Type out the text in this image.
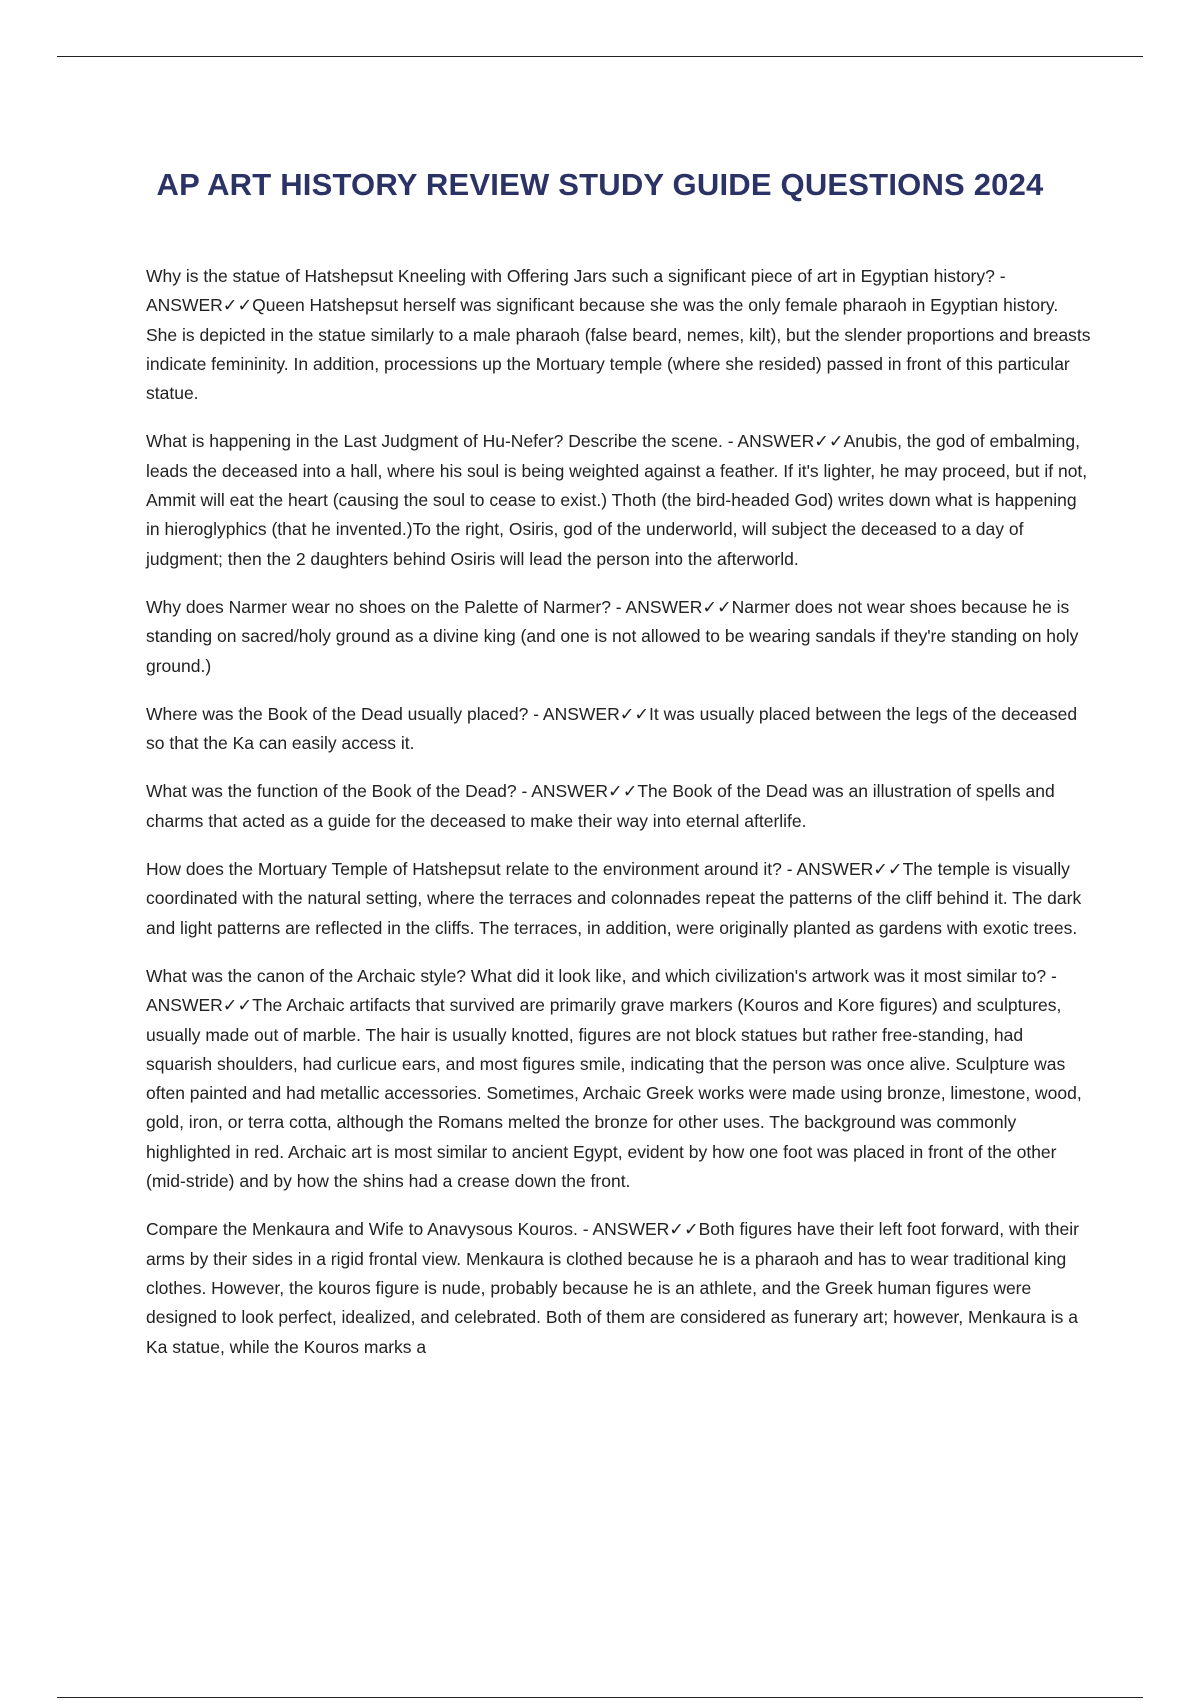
AP ART HISTORY REVIEW STUDY GUIDE QUESTIONS 2024

Why is the statue of Hatshepsut Kneeling with Offering Jars such a significant piece of art in Egyptian history? - ANSWER✓✓Queen Hatshepsut herself was significant because she was the only female pharaoh in Egyptian history. She is depicted in the statue similarly to a male pharaoh (false beard, nemes, kilt), but the slender proportions and breasts indicate femininity. In addition, processions up the Mortuary temple (where she resided) passed in front of this particular statue.

What is happening in the Last Judgment of Hu-Nefer? Describe the scene. - ANSWER✓✓Anubis, the god of embalming, leads the deceased into a hall, where his soul is being weighted against a feather. If it's lighter, he may proceed, but if not, Ammit will eat the heart (causing the soul to cease to exist.) Thoth (the bird-headed God) writes down what is happening in hieroglyphics (that he invented.)To the right, Osiris, god of the underworld, will subject the deceased to a day of judgment; then the 2 daughters behind Osiris will lead the person into the afterworld.

Why does Narmer wear no shoes on the Palette of Narmer? - ANSWER✓✓Narmer does not wear shoes because he is standing on sacred/holy ground as a divine king (and one is not allowed to be wearing sandals if they're standing on holy ground.)

Where was the Book of the Dead usually placed? - ANSWER✓✓It was usually placed between the legs of the deceased so that the Ka can easily access it.

What was the function of the Book of the Dead? - ANSWER✓✓The Book of the Dead was an illustration of spells and charms that acted as a guide for the deceased to make their way into eternal afterlife.

How does the Mortuary Temple of Hatshepsut relate to the environment around it? - ANSWER✓✓The temple is visually coordinated with the natural setting, where the terraces and colonnades repeat the patterns of the cliff behind it. The dark and light patterns are reflected in the cliffs. The terraces, in addition, were originally planted as gardens with exotic trees.

What was the canon of the Archaic style? What did it look like, and which civilization's artwork was it most similar to? - ANSWER✓✓The Archaic artifacts that survived are primarily grave markers (Kouros and Kore figures) and sculptures, usually made out of marble. The hair is usually knotted, figures are not block statues but rather free-standing, had squarish shoulders, had curlicue ears, and most figures smile, indicating that the person was once alive. Sculpture was often painted and had metallic accessories. Sometimes, Archaic Greek works were made using bronze, limestone, wood, gold, iron, or terra cotta, although the Romans melted the bronze for other uses. The background was commonly highlighted in red. Archaic art is most similar to ancient Egypt, evident by how one foot was placed in front of the other (mid-stride) and by how the shins had a crease down the front.

Compare the Menkaura and Wife to Anavysous Kouros. - ANSWER✓✓Both figures have their left foot forward, with their arms by their sides in a rigid frontal view. Menkaura is clothed because he is a pharaoh and has to wear traditional king clothes. However, the kouros figure is nude, probably because he is an athlete, and the Greek human figures were designed to look perfect, idealized, and celebrated. Both of them are considered as funerary art; however, Menkaura is a Ka statue, while the Kouros marks a
